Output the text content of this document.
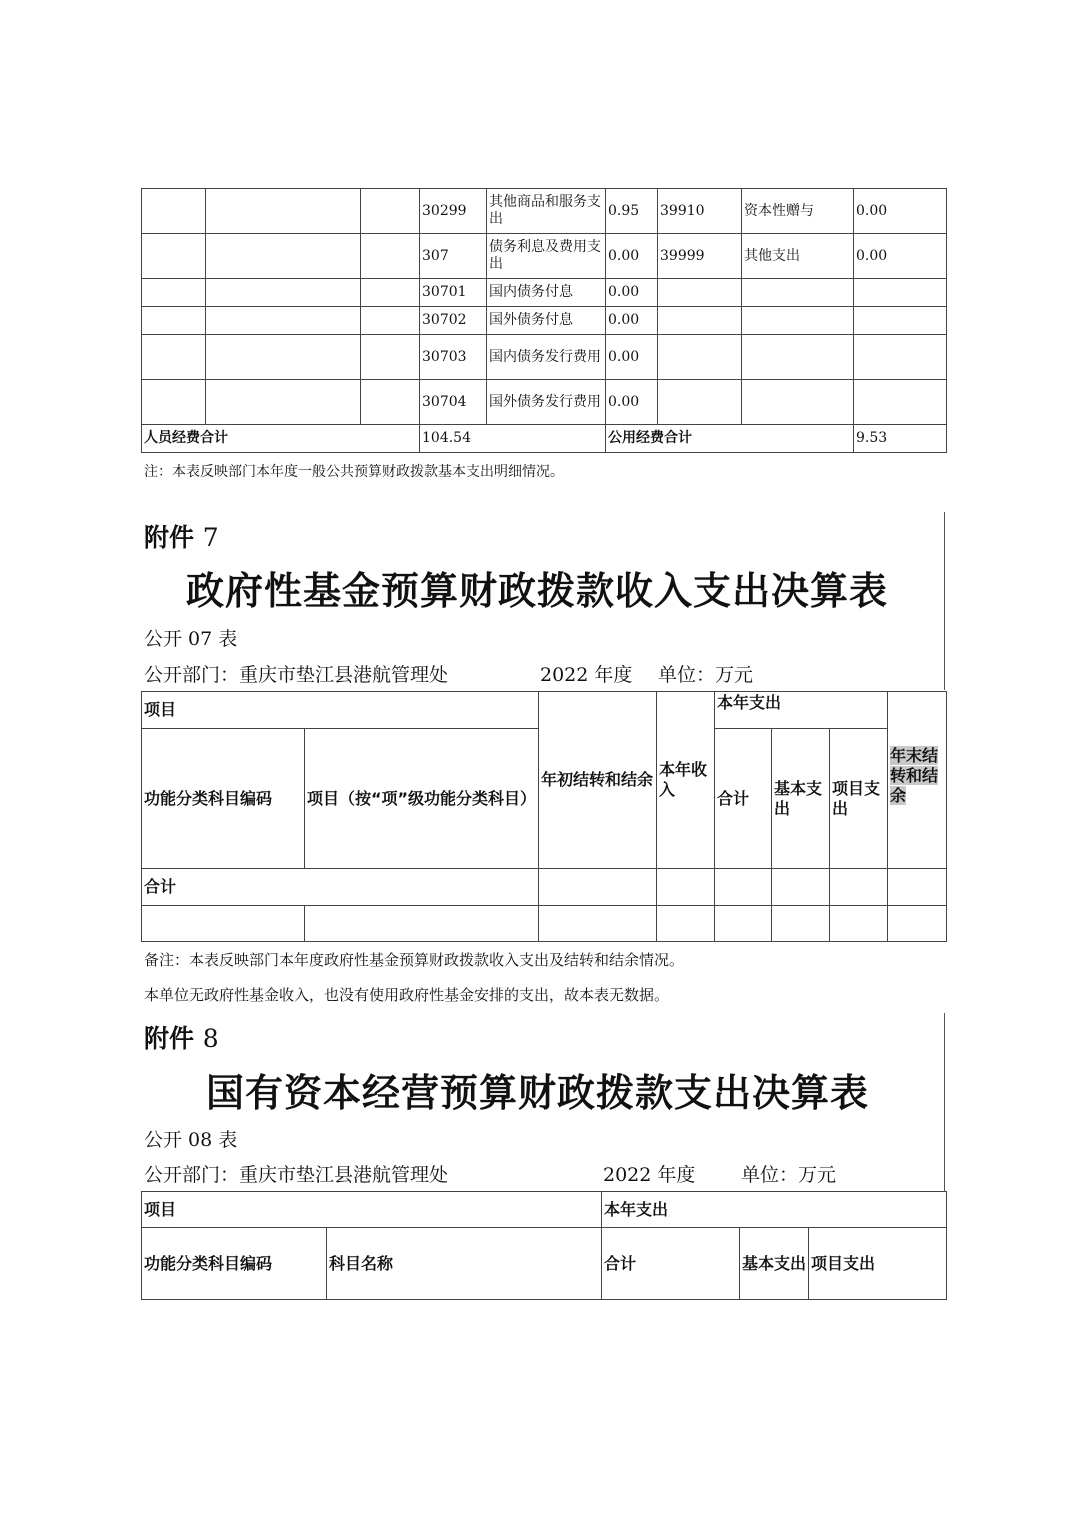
			30299	其他商品和服务支出	0.95	39910	资本性赠与	0.00
			307	债务利息及费用支出	0.00	39999	其他支出	0.00
			30701	国内债务付息	0.00			
			30702	国外债务付息	0.00			
			30703	国内债务发行费用	0.00			
			30704	国外债务发行费用	0.00			
人员经费合计			104.54		公用经费合计			9.53
注：本表反映部门本年度一般公共预算财政拨款基本支出明细情况。
附件 7
政府性基金预算财政拨款收入支出决算表
公开 07 表
公开部门：重庆市垫江县港航管理处	2022 年度 单位：万元
项目		年初结转和结余	本年收入	本年支出			年末结转和结余
功能分类科目编码	项目（按“项”级功能分类科目）			合计	基本支出	项目支出	
合计							

备注：本表反映部门本年度政府性基金预算财政拨款收入支出及结转和结余情况。
本单位无政府性基金收入，也没有使用政府性基金安排的支出，故本表无数据。
附件 8
国有资本经营预算财政拨款支出决算表
公开 08 表
公开部门：重庆市垫江县港航管理处	2022 年度 单位：万元
项目		本年支出		
功能分类科目编码	科目名称	合计	基本支出	项目支出
